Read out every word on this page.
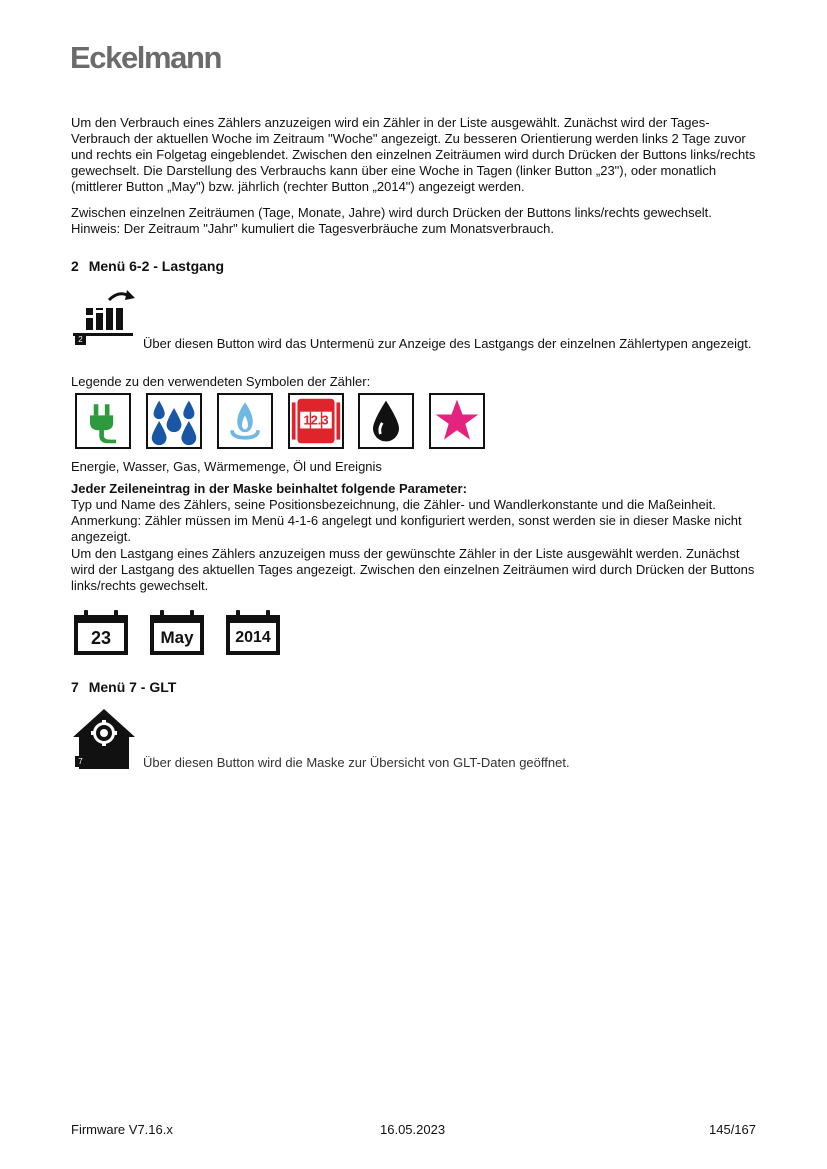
Eckelmann

Um den Verbrauch eines Zählers anzuzeigen wird ein Zähler in der Liste ausgewählt. Zunächst wird der Tages-Verbrauch der aktuellen Woche im Zeitraum "Woche" angezeigt. Zu besseren Orientierung werden links 2 Tage zuvor und rechts ein Folgetag eingeblendet. Zwischen den einzelnen Zeiträumen wird durch Drücken der Buttons links/rechts gewechselt. Die Darstellung des Verbrauchs kann über eine Woche in Tagen (linker Button „23"), oder monatlich (mittlerer Button „May") bzw. jährlich (rechter Button „2014") angezeigt werden.

Zwischen einzelnen Zeiträumen (Tage, Monate, Jahre) wird durch Drücken der Buttons links/rechts gewechselt. Hinweis: Der Zeitraum "Jahr" kumuliert die Tagesverbräuche zum Monatsverbrauch.

2 Menü 6-2 - Lastgang
2	Über diesen Button wird das Untermenü zur Anzeige des Lastgangs der einzelnen Zählertypen angezeigt.

Legende zu den verwendeten Symbolen der Zähler:

12.3

Energie, Wasser, Gas, Wärmemenge, Öl und Ereignis

Jeder Zeileneintrag in der Maske beinhaltet folgende Parameter:

Typ und Name des Zählers, seine Positionsbezeichnung, die Zähler- und Wandlerkonstante und die Maßeinheit. Anmerkung: Zähler müssen im Menü 4-1-6 angelegt und konfiguriert werden, sonst werden sie in dieser Maske nicht angezeigt.

Um den Lastgang eines Zählers anzuzeigen muss der gewünschte Zähler in der Liste ausgewählt werden. Zunächst wird der Lastgang des aktuellen Tages angezeigt. Zwischen den einzelnen Zeiträumen wird durch Drücken der Buttons links/rechts gewechselt.

23	May	2014
7 Menü 7 - GLT
7	Über diesen Button wird die Maske zur Übersicht von GLT-Daten geöffnet.

Firmware V7.16.x	16.05.2023	145/167
